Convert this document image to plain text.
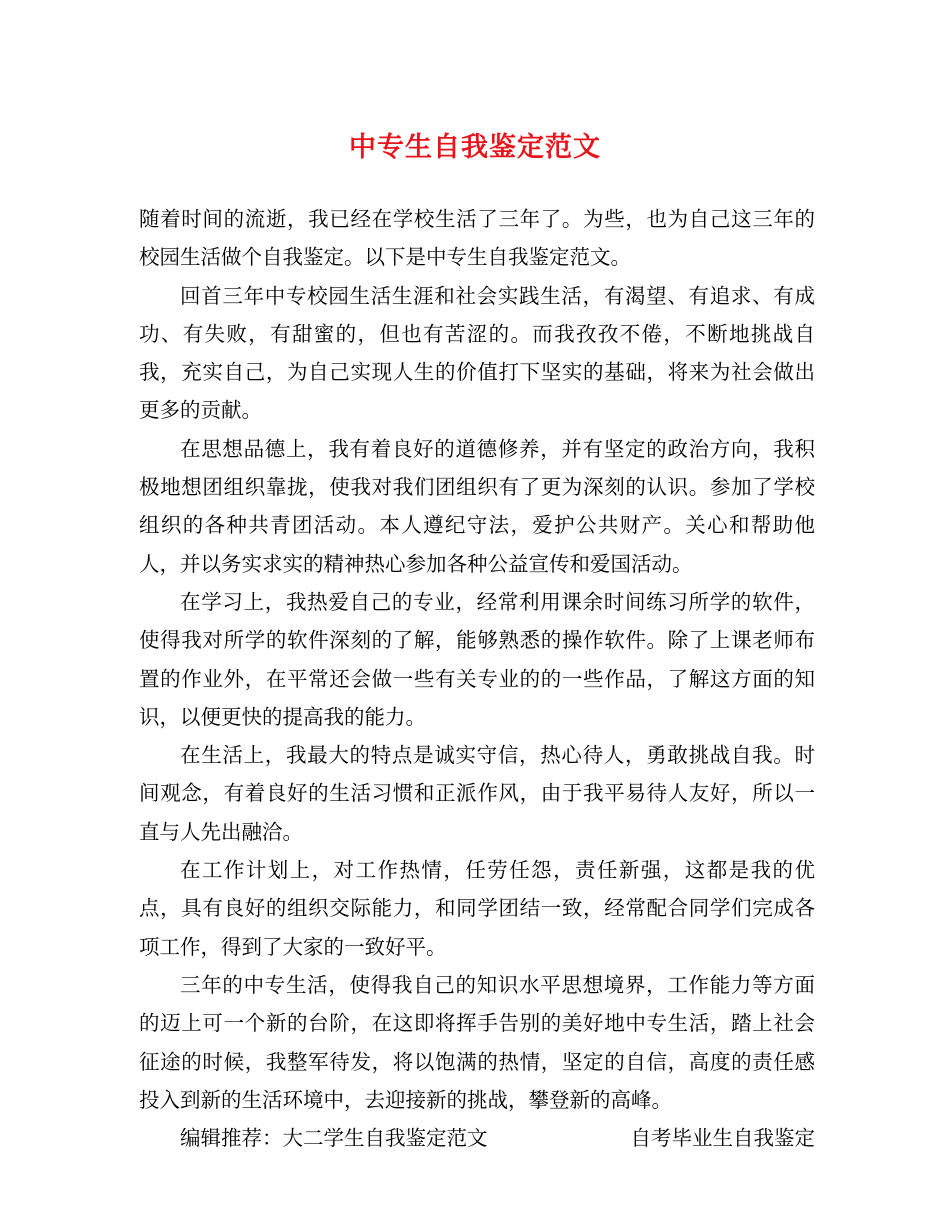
中专生自我鉴定范文

随着时间的流逝，我已经在学校生活了三年了。为些，也为自己这三年的校园生活做个自我鉴定。以下是中专生自我鉴定范文。

回首三年中专校园生活生涯和社会实践生活，有渴望、有追求、有成功、有失败，有甜蜜的，但也有苦涩的。而我孜孜不倦，不断地挑战自我，充实自己，为自己实现人生的价值打下坚实的基础，将来为社会做出更多的贡献。

在思想品德上，我有着良好的道德修养，并有坚定的政治方向，我积极地想团组织靠拢，使我对我们团组织有了更为深刻的认识。参加了学校组织的各种共青团活动。本人遵纪守法，爱护公共财产。关心和帮助他人，并以务实求实的精神热心参加各种公益宣传和爱国活动。

在学习上，我热爱自己的专业，经常利用课余时间练习所学的软件，使得我对所学的软件深刻的了解，能够熟悉的操作软件。除了上课老师布置的作业外，在平常还会做一些有关专业的的一些作品，了解这方面的知识，以便更快的提高我的能力。

在生活上，我最大的特点是诚实守信，热心待人，勇敢挑战自我。时间观念，有着良好的生活习惯和正派作风，由于我平易待人友好，所以一直与人先出融洽。

在工作计划上，对工作热情，任劳任怨，责任新强，这都是我的优点，具有良好的组织交际能力，和同学团结一致，经常配合同学们完成各项工作，得到了大家的一致好平。

三年的中专生活，使得我自己的知识水平思想境界，工作能力等方面的迈上可一个新的台阶，在这即将挥手告别的美好地中专生活，踏上社会征途的时候，我整军待发，将以饱满的热情，坚定的自信，高度的责任感投入到新的生活环境中，去迎接新的挑战，攀登新的高峰。

编辑推荐：大二学生自我鉴定范文	自考毕业生自我鉴定
